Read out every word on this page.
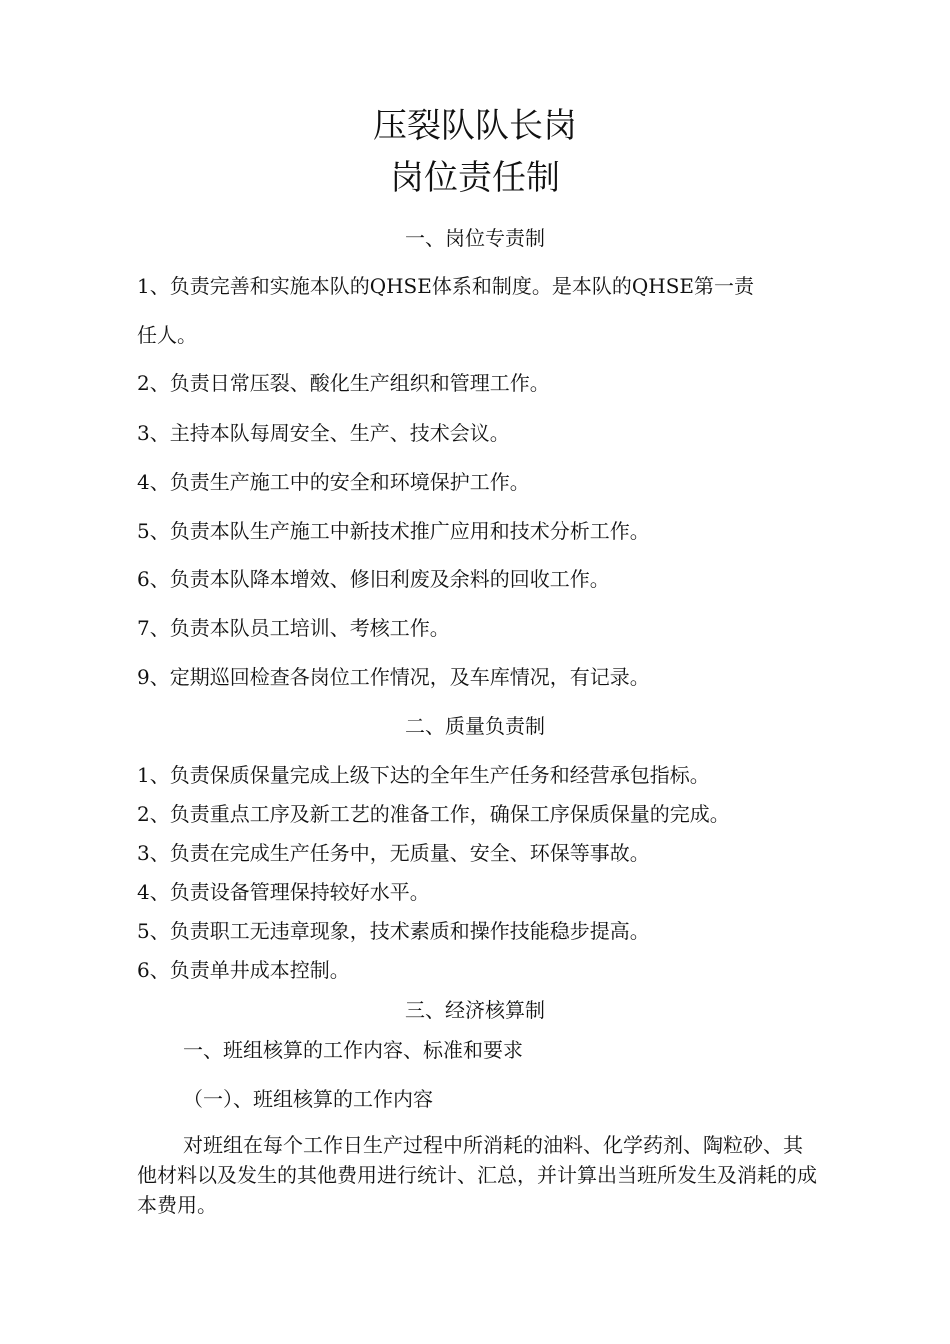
压裂队队长岗
岗位责任制
一、岗位专责制
1、负责完善和实施本队的QHSE体系和制度。是本队的QHSE第一责
任人。
2、负责日常压裂、酸化生产组织和管理工作。
3、主持本队每周安全、生产、技术会议。
4、负责生产施工中的安全和环境保护工作。
5、负责本队生产施工中新技术推广应用和技术分析工作。
6、负责本队降本增效、修旧利废及余料的回收工作。
7、负责本队员工培训、考核工作。
9、定期巡回检查各岗位工作情况，及车库情况，有记录。
二、质量负责制
1、负责保质保量完成上级下达的全年生产任务和经营承包指标。
2、负责重点工序及新工艺的准备工作，确保工序保质保量的完成。
3、负责在完成生产任务中，无质量、安全、环保等事故。
4、负责设备管理保持较好水平。
5、负责职工无违章现象，技术素质和操作技能稳步提高。
6、负责单井成本控制。
三、经济核算制
一、班组核算的工作内容、标准和要求
（一）、班组核算的工作内容
对班组在每个工作日生产过程中所消耗的油料、化学药剂、陶粒砂、其他材料以及发生的其他费用进行统计、汇总，并计算出当班所发生及消耗的成本费用。
